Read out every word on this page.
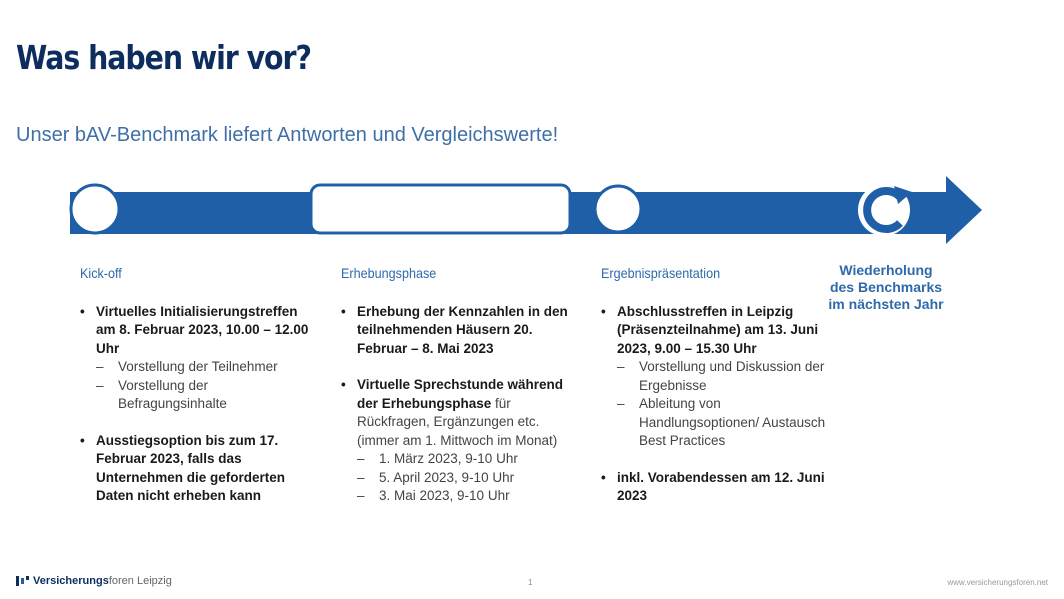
Was haben wir vor?
Unser bAV-Benchmark liefert Antworten und Vergleichswerte!
Kick-off
• Virtuelles Initialisierungstreffen am 8. Februar 2023, 10.00 – 12.00 Uhr
– Vorstellung der Teilnehmer
– Vorstellung der Befragungsinhalte
• Ausstiegsoption bis zum 17. Februar 2023, falls das Unternehmen die geforderten Daten nicht erheben kann
Erhebungsphase
• Erhebung der Kennzahlen in den teilnehmenden Häusern 20. Februar – 8. Mai 2023
• Virtuelle Sprechstunde während der Erhebungsphase für Rückfragen, Ergänzungen etc. (immer am 1. Mittwoch im Monat)
– 1. März 2023, 9-10 Uhr
– 5. April 2023, 9-10 Uhr
– 3. Mai 2023, 9-10 Uhr
Ergebnispräsentation
• Abschlusstreffen in Leipzig (Präsenzteilnahme) am 13. Juni 2023, 9.00 – 15.30 Uhr
– Vorstellung und Diskussion der Ergebnisse
– Ableitung von Handlungsoptionen/ Austausch Best Practices
• inkl. Vorabendessen am 12. Juni 2023
Wiederholung des Benchmarks im nächsten Jahr
Versicherungsforen Leipzig	1	www.versicherungsforen.net
